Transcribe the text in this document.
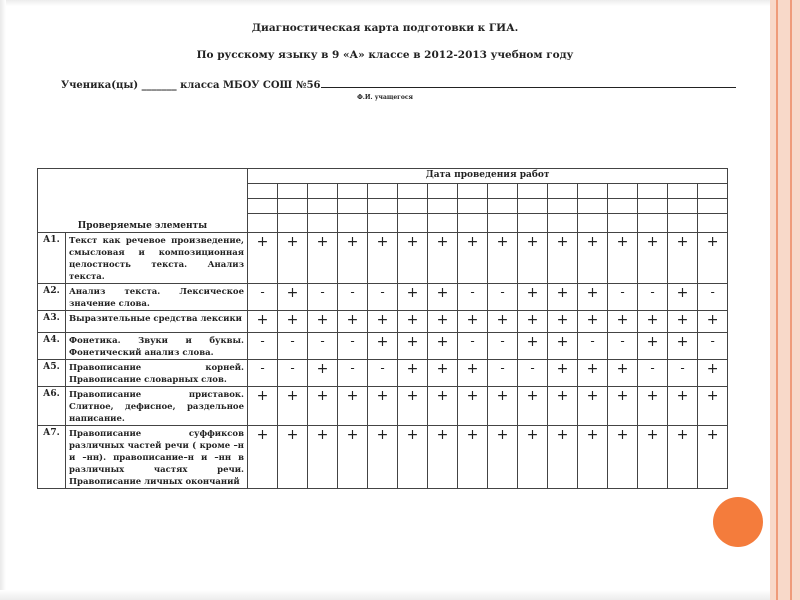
Диагностическая карта подготовки к ГИА.
По русскому языку в 9 «А» классе в 2012-2013 учебном году
Ученика(цы) _______ класса МБОУ СОШ №56
Ф.И. учащегося
Проверяемые элементы		Дата проведения работ															

А1.	Текст как речевое произведение, смысловая и композиционная целостность текста. Анализ текста.	+	+	+	+	+	+	+	+	+	+	+	+	+	+	+	+
А2.	Анализ текста. Лексическое значение слова.	-	+	-	-	-	+	+	-	-	+	+	+	-	-	+	-
А3.	Выразительные средства лексики	+	+	+	+	+	+	+	+	+	+	+	+	+	+	+	+
А4.	Фонетика. Звуки и буквы. Фонетический анализ слова.	-	-	-	-	+	+	+	-	-	+	+	-	-	+	+	-
А5.	Правописание корней. Правописание словарных слов.	-	-	+	-	-	+	+	+	-	-	+	+	+	-	-	+
А6.	Правописание приставок. Слитное, дефисное, раздельное написание.	+	+	+	+	+	+	+	+	+	+	+	+	+	+	+	+
А7.	Правописание суффиксов различных частей речи ( кроме –н и –нн). правописание–н и –нн в различных частях речи. Правописание личных окончаний	+	+	+	+	+	+	+	+	+	+	+	+	+	+	+	+
